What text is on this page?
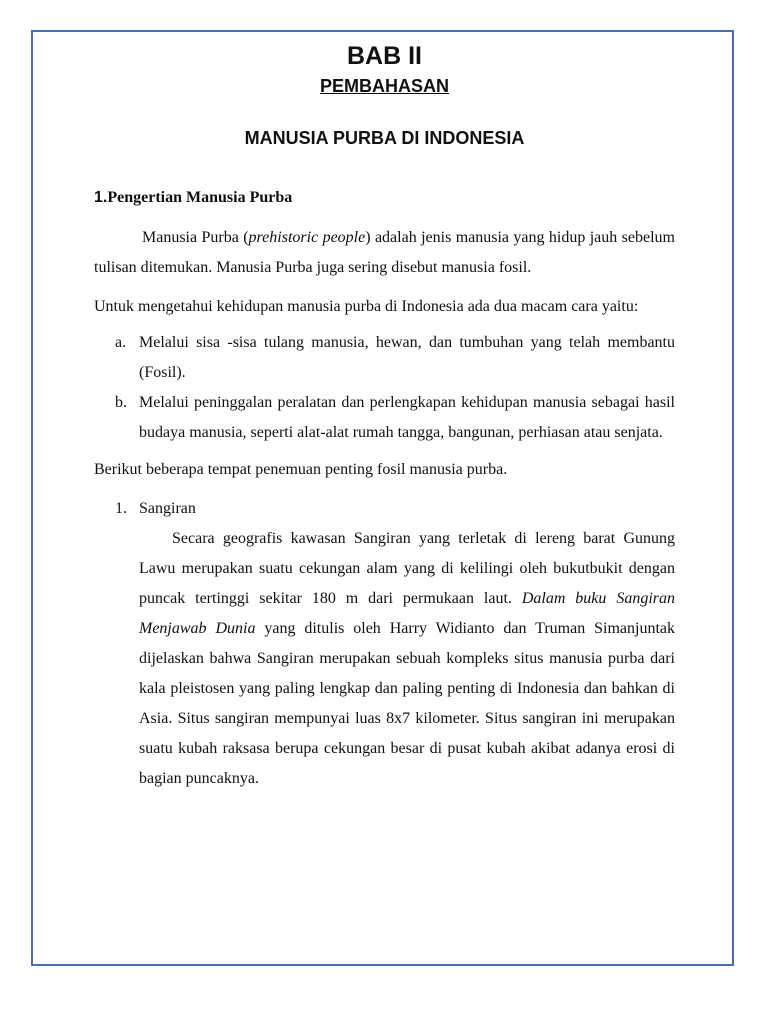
BAB II
PEMBAHASAN
MANUSIA PURBA DI INDONESIA
1.Pengertian Manusia Purba

Manusia Purba (prehistoric people) adalah jenis manusia yang hidup jauh sebelum tulisan ditemukan. Manusia Purba juga sering disebut manusia fosil.

Untuk mengetahui kehidupan manusia purba di Indonesia ada dua macam cara yaitu:

a. Melalui sisa -sisa tulang manusia, hewan, dan tumbuhan yang telah membantu (Fosil).
b. Melalui peninggalan peralatan dan perlengkapan kehidupan manusia sebagai hasil budaya manusia, seperti alat-alat rumah tangga, bangunan, perhiasan atau senjata.

Berikut beberapa tempat penemuan penting fosil manusia purba.

1. Sangiran

Secara geografis kawasan Sangiran yang terletak di lereng barat Gunung Lawu merupakan suatu cekungan alam yang di kelilingi oleh bukutbukit dengan puncak tertinggi sekitar 180 m dari permukaan laut. Dalam buku Sangiran Menjawab Dunia yang ditulis oleh Harry Widianto dan Truman Simanjuntak dijelaskan bahwa Sangiran merupakan sebuah kompleks situs manusia purba dari kala pleistosen yang paling lengkap dan paling penting di Indonesia dan bahkan di Asia. Situs sangiran mempunyai luas 8x7 kilometer. Situs sangiran ini merupakan suatu kubah raksasa berupa cekungan besar di pusat kubah akibat adanya erosi di bagian puncaknya.
